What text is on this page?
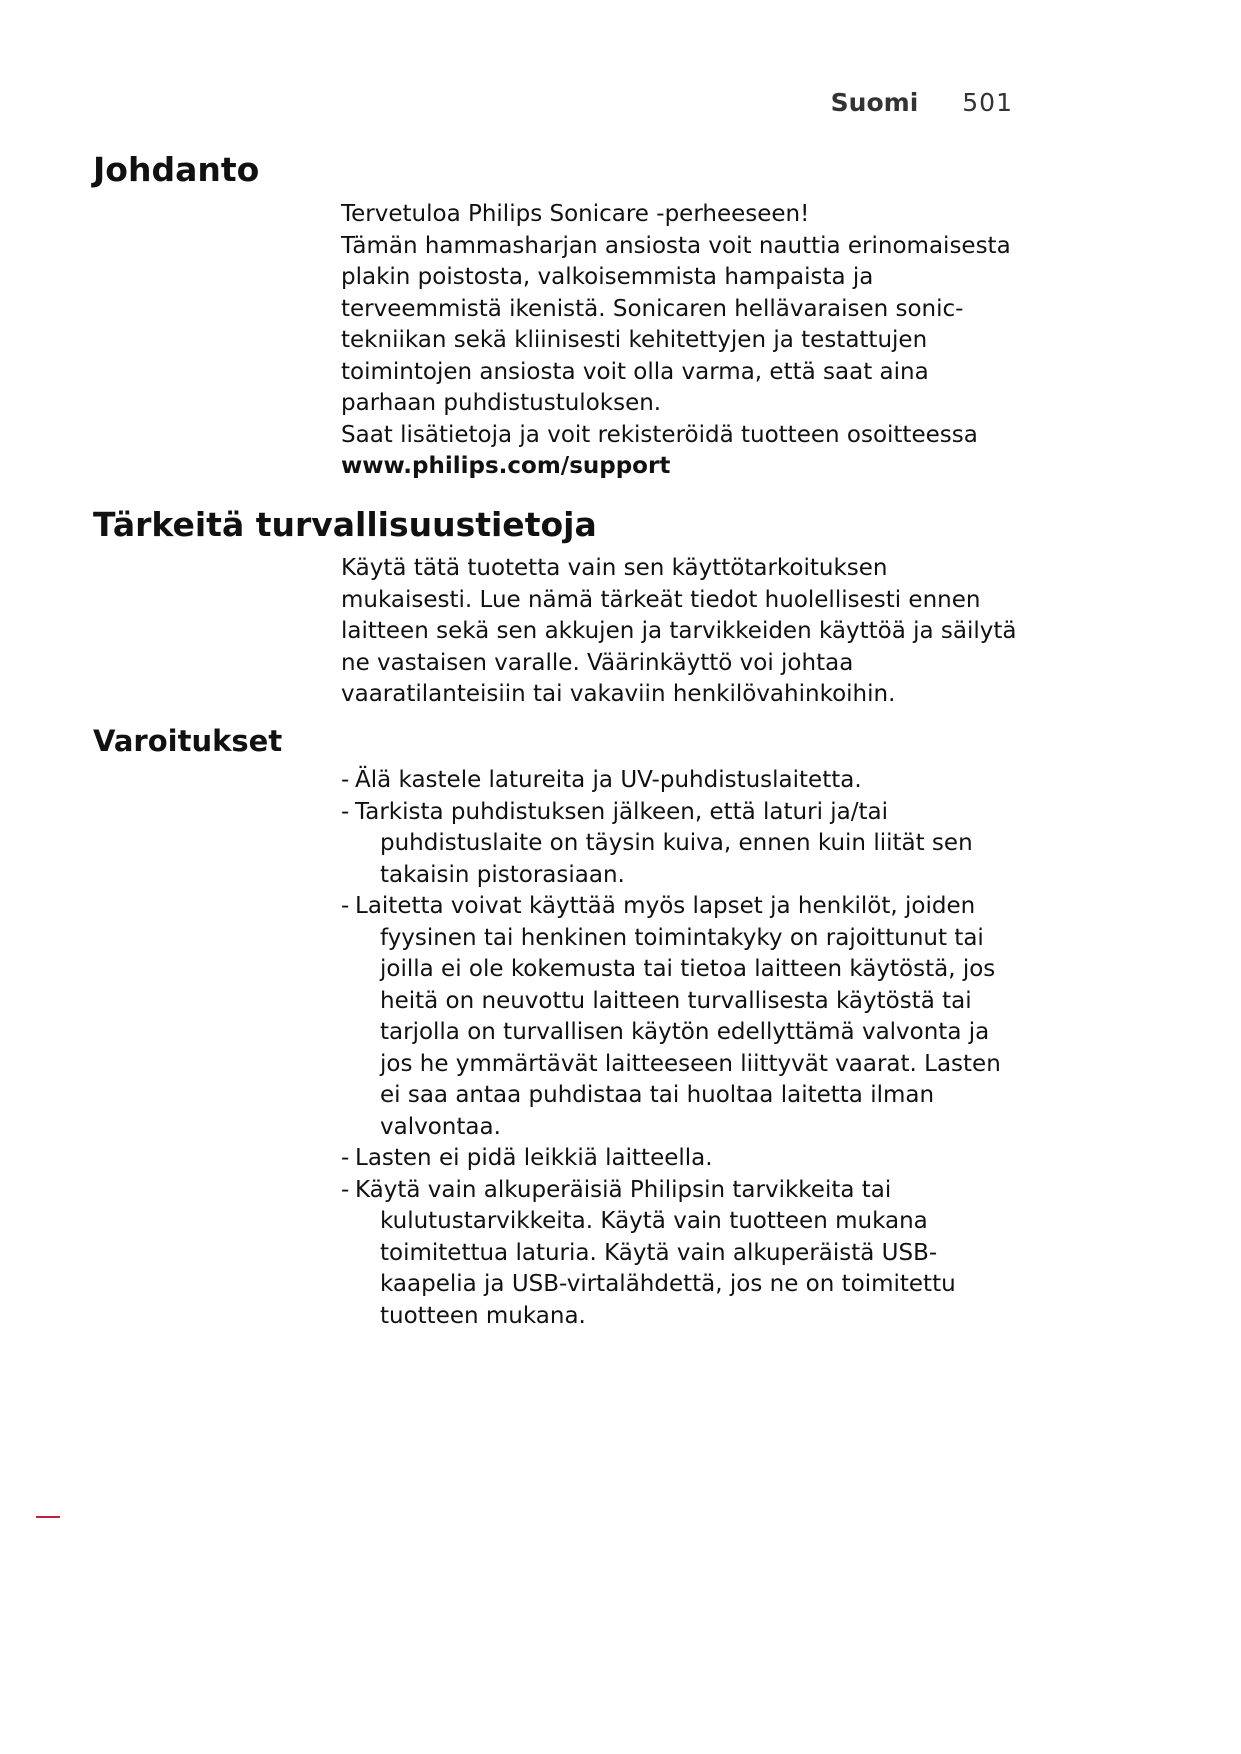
Suomi 501
Johdanto

Tervetuloa Philips Sonicare -perheeseen!

Tämän hammasharjan ansiosta voit nauttia erinomaisesta plakin poistosta, valkoisemmista hampaista ja terveemmistä ikenistä. Sonicaren hellävaraisen sonic-tekniikan sekä kliinisesti kehitettyjen ja testattujen toimintojen ansiosta voit olla varma, että saat aina parhaan puhdistustuloksen.

Saat lisätietoja ja voit rekisteröidä tuotteen osoitteessa

www.philips.com/support

Tärkeitä turvallisuustietoja

Käytä tätä tuotetta vain sen käyttötarkoituksen mukaisesti. Lue nämä tärkeät tiedot huolellisesti ennen laitteen sekä sen akkujen ja tarvikkeiden käyttöä ja säilytä ne vastaisen varalle. Väärinkäyttö voi johtaa vaaratilanteisiin tai vakaviin henkilövahinkoihin.

Varoitukset
- Älä kastele latureita ja UV-puhdistuslaitetta.
- Tarkista puhdistuksen jälkeen, että laturi ja/tai puhdistuslaite on täysin kuiva, ennen kuin liität sen takaisin pistorasiaan.
- Laitetta voivat käyttää myös lapset ja henkilöt, joiden fyysinen tai henkinen toimintakyky on rajoittunut tai joilla ei ole kokemusta tai tietoa laitteen käytöstä, jos heitä on neuvottu laitteen turvallisesta käytöstä tai tarjolla on turvallisen käytön edellyttämä valvonta ja jos he ymmärtävät laitteeseen liittyvät vaarat. Lasten ei saa antaa puhdistaa tai huoltaa laitetta ilman valvontaa.
- Lasten ei pidä leikkiä laitteella.
- Käytä vain alkuperäisiä Philipsin tarvikkeita tai kulutustarvikkeita. Käytä vain tuotteen mukana toimitettua laturia. Käytä vain alkuperäistä USB-kaapelia ja USB-virtalähdettä, jos ne on toimitettu tuotteen mukana.
